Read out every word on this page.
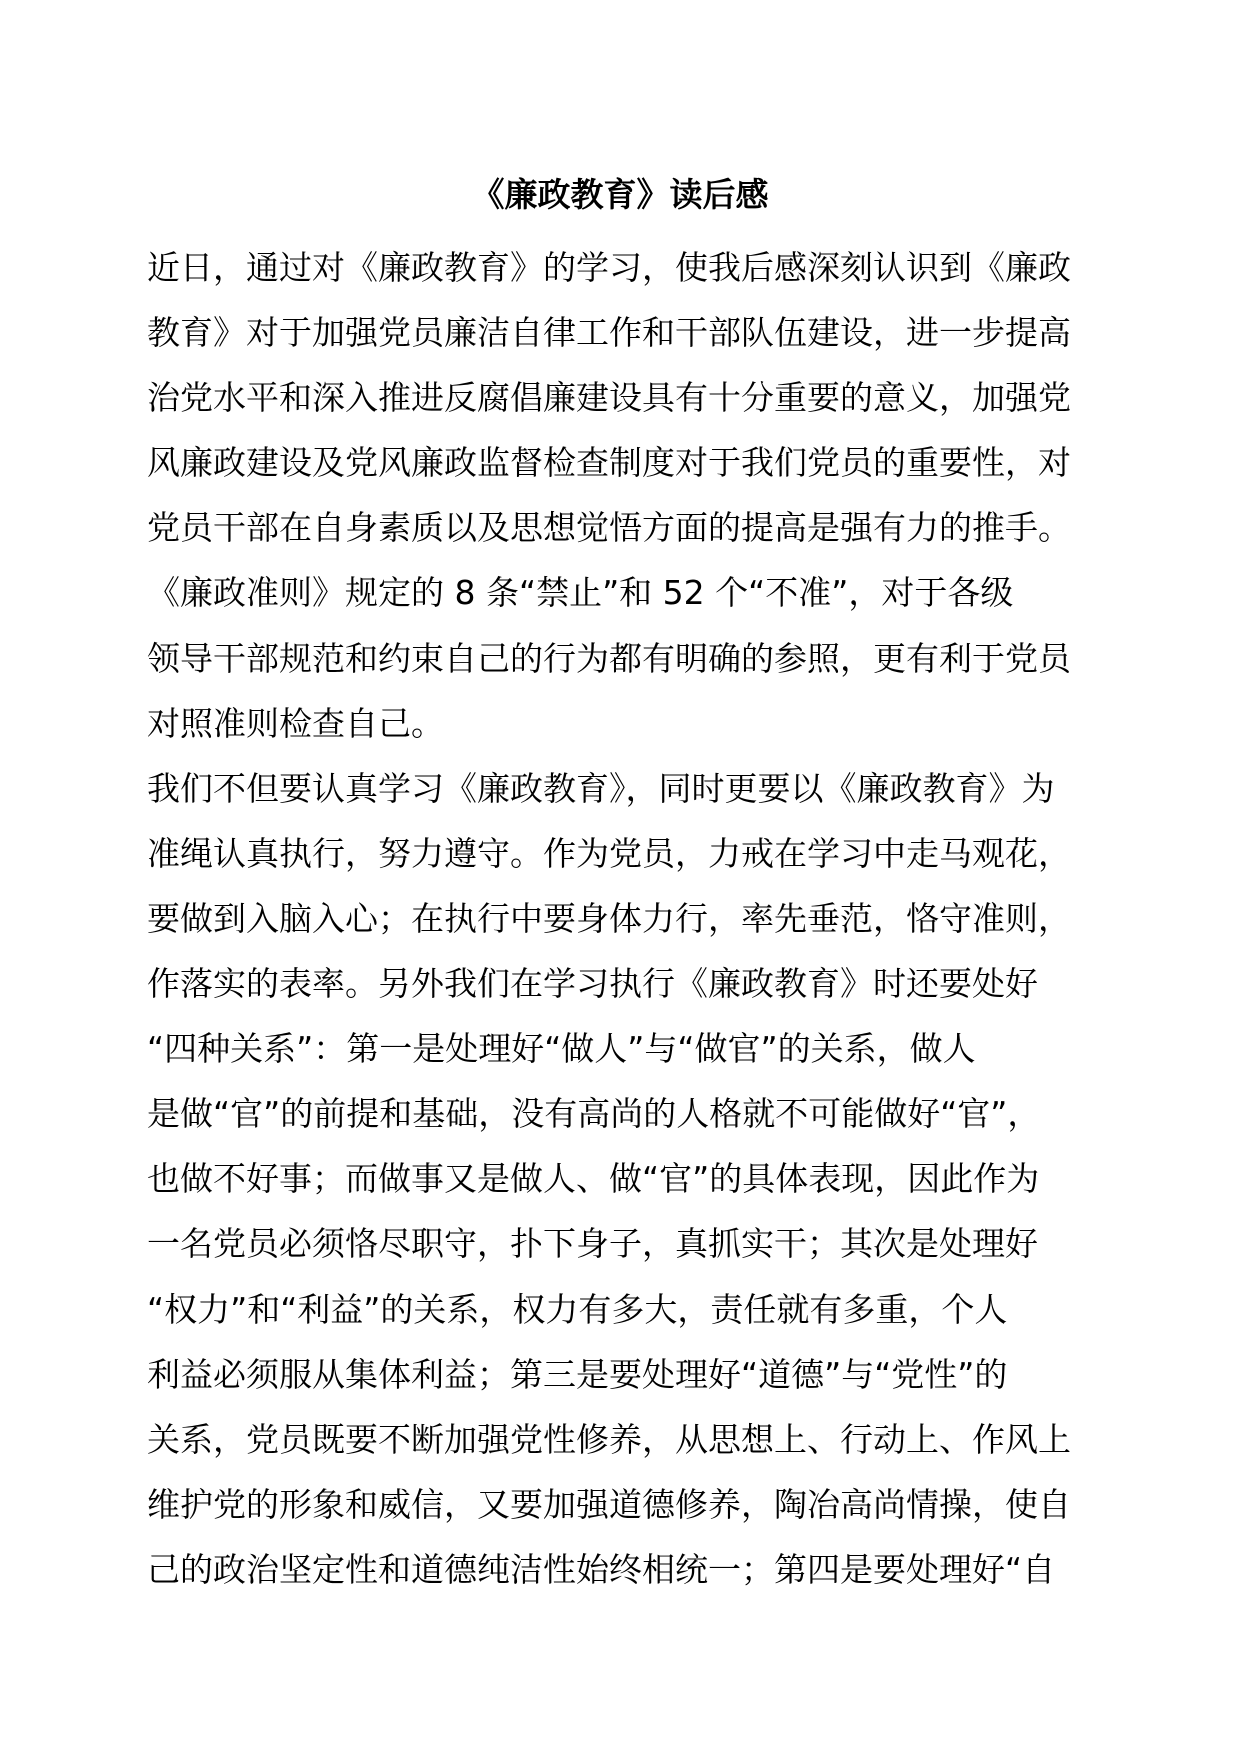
《廉政教育》读后感
近日，通过对《廉政教育》的学习，使我后感深刻认识到《廉政
教育》对于加强党员廉洁自律工作和干部队伍建设，进一步提高
治党水平和深入推进反腐倡廉建设具有十分重要的意义，加强党
风廉政建设及党风廉政监督检查制度对于我们党员的重要性，对
党员干部在自身素质以及思想觉悟方面的提高是强有力的推手。
《廉政准则》规定的 8 条“禁止”和 52 个“不准”，对于各级
领导干部规范和约束自己的行为都有明确的参照，更有利于党员
对照准则检查自己。
我们不但要认真学习《廉政教育》，同时更要以《廉政教育》为
准绳认真执行，努力遵守。作为党员，力戒在学习中走马观花，
要做到入脑入心；在执行中要身体力行，率先垂范，恪守准则，
作落实的表率。另外我们在学习执行《廉政教育》时还要处好
“四种关系”：第一是处理好“做人”与“做官”的关系，做人
是做“官”的前提和基础，没有高尚的人格就不可能做好“官”，
也做不好事；而做事又是做人、做“官”的具体表现，因此作为
一名党员必须恪尽职守，扑下身子，真抓实干；其次是处理好
“权力”和“利益”的关系，权力有多大，责任就有多重，个人
利益必须服从集体利益；第三是要处理好“道德”与“党性”的
关系，党员既要不断加强党性修养，从思想上、行动上、作风上
维护党的形象和威信，又要加强道德修养，陶冶高尚情操，使自
己的政治坚定性和道德纯洁性始终相统一；第四是要处理好“自
